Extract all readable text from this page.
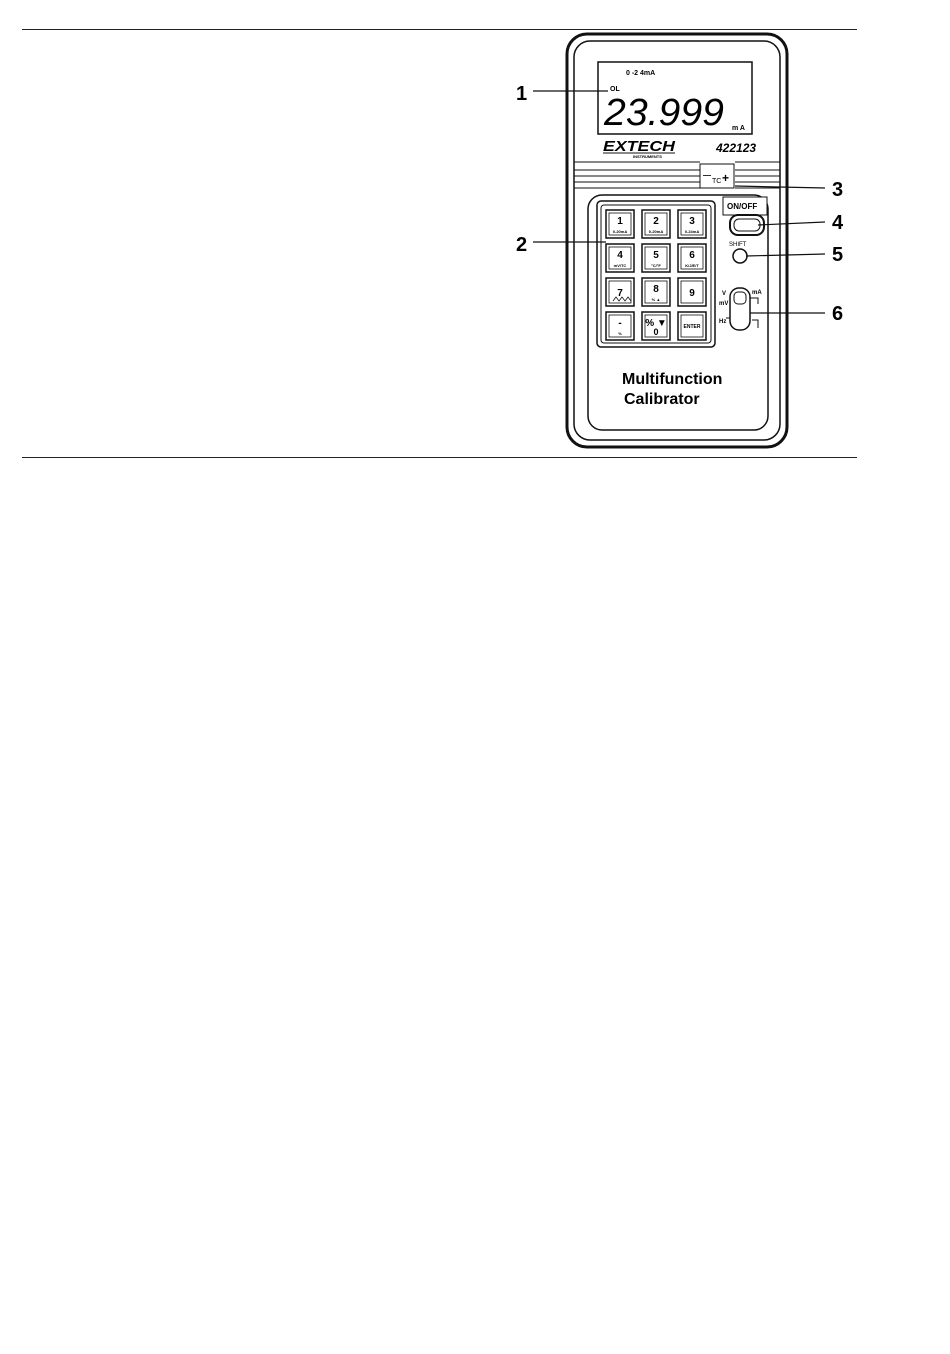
0 -2 4mA
OL
23.999 m A
EXTECH
INSTRUMENTS
422123
—
TC +
1
0-20mA
2
0-20mA
3
0-24mA
4
mV/TC
5
°C/°F
6
K/J/E/T
7	8
% ▲
9
-
%
% ▼
0	ENTER
ON/OFF
SHIFT
V
mV
mA
Hz
Multifunction
Calibrator
1
2
3
4
5
6
